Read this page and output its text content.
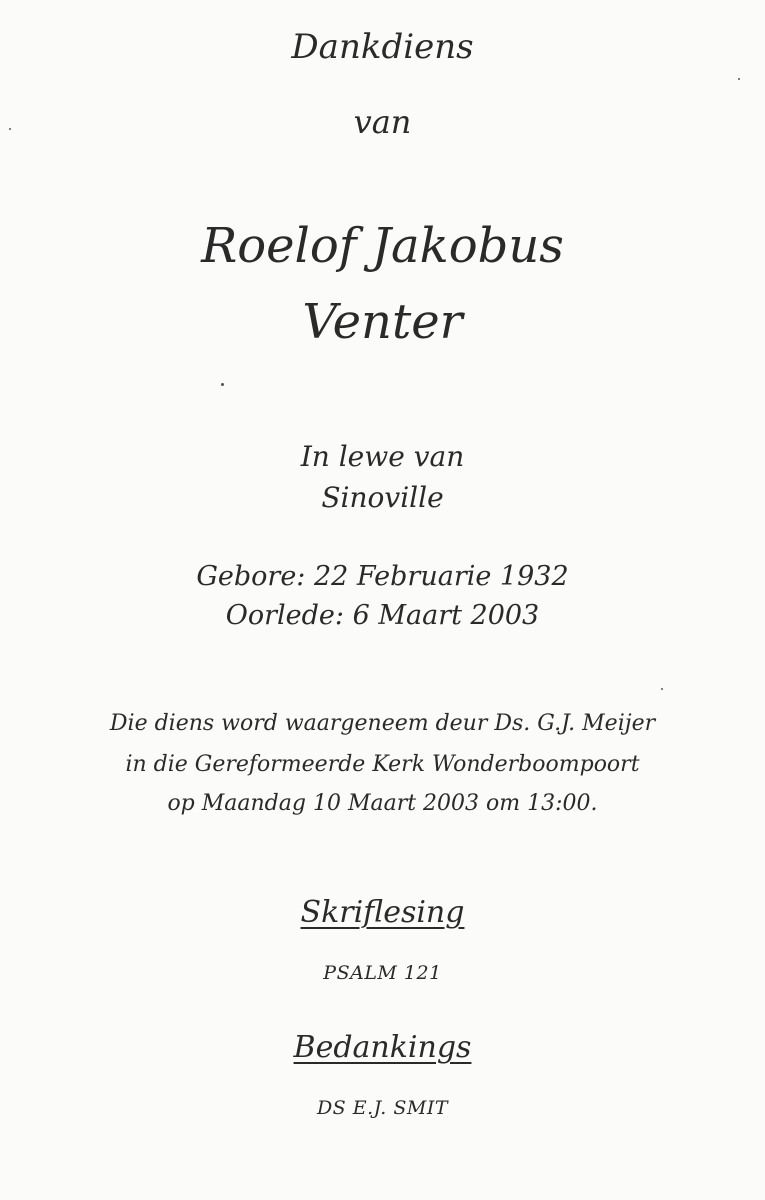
Dankdiens
van
Roelof Jakobus
Venter
In lewe van
Sinoville
Gebore: 22 Februarie 1932
Oorlede: 6 Maart 2003
Die diens word waargeneem deur Ds. G.J. Meijer
in die Gereformeerde Kerk Wonderboompoort
op Maandag 10 Maart 2003 om 13:00.
Skriflesing
PSALM 121
Bedankings
DS E.J. SMIT
